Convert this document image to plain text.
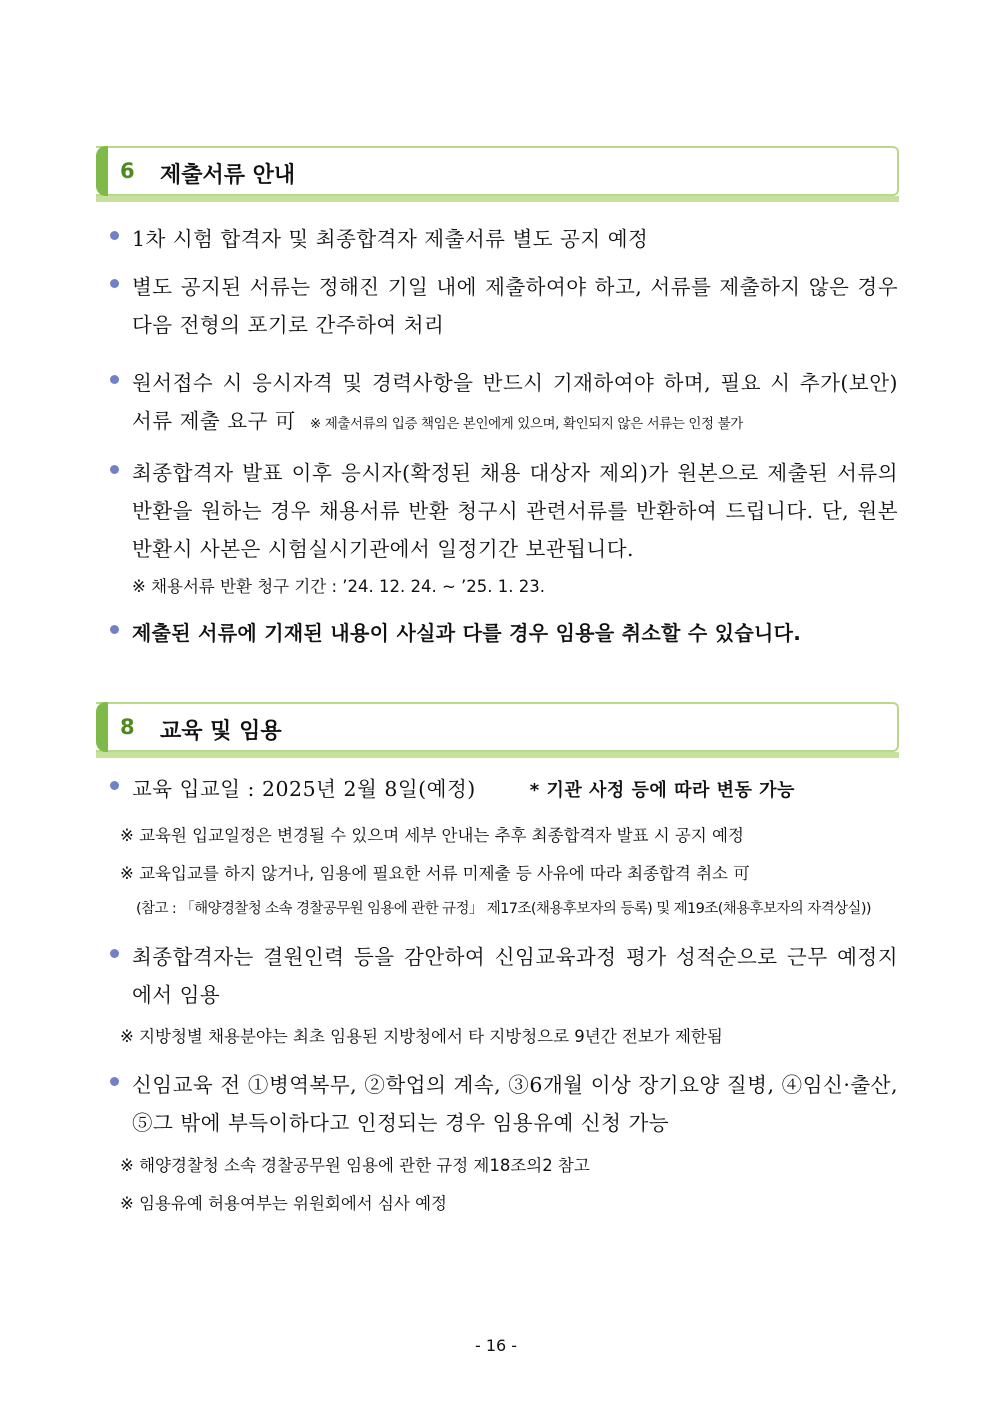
6 제출서류 안내
1차 시험 합격자 및 최종합격자 제출서류 별도 공지 예정
별도 공지된 서류는 정해진 기일 내에 제출하여야 하고, 서류를 제출하지 않은 경우 다음 전형의 포기로 간주하여 처리
원서접수 시 응시자격 및 경력사항을 반드시 기재하여야 하며, 필요 시 추가(보안) 서류 제출 요구 可 ※ 제출서류의 입증 책임은 본인에게 있으며, 확인되지 않은 서류는 인정 불가
최종합격자 발표 이후 응시자(확정된 채용 대상자 제외)가 원본으로 제출된 서류의 반환을 원하는 경우 채용서류 반환 청구시 관련서류를 반환하여 드립니다. 단, 원본 반환시 사본은 시험실시기관에서 일정기간 보관됩니다.
※ 채용서류 반환 청구 기간 : ’24. 12. 24. ~ ’25. 1. 23.
제출된 서류에 기재된 내용이 사실과 다를 경우 임용을 취소할 수 있습니다.
8 교육 및 임용
교육 입교일 : 2025년 2월 8일(예정)	* 기관 사정 등에 따라 변동 가능
※ 교육원 입교일정은 변경될 수 있으며 세부 안내는 추후 최종합격자 발표 시 공지 예정
※ 교육입교를 하지 않거나, 임용에 필요한 서류 미제출 등 사유에 따라 최종합격 취소 可
(참고 : 「해양경찰청 소속 경찰공무원 임용에 관한 규정」 제17조(채용후보자의 등록) 및 제19조(채용후보자의 자격상실))
최종합격자는 결원인력 등을 감안하여 신임교육과정 평가 성적순으로 근무 예정지에서 임용
※ 지방청별 채용분야는 최초 임용된 지방청에서 타 지방청으로 9년간 전보가 제한됨
신임교육 전 ①병역복무, ②학업의 계속, ③6개월 이상 장기요양 질병, ④임신·출산, ⑤그 밖에 부득이하다고 인정되는 경우 임용유예 신청 가능
※ 해양경찰청 소속 경찰공무원 임용에 관한 규정 제18조의2 참고
※ 임용유예 허용여부는 위원회에서 심사 예정
- 16 -
